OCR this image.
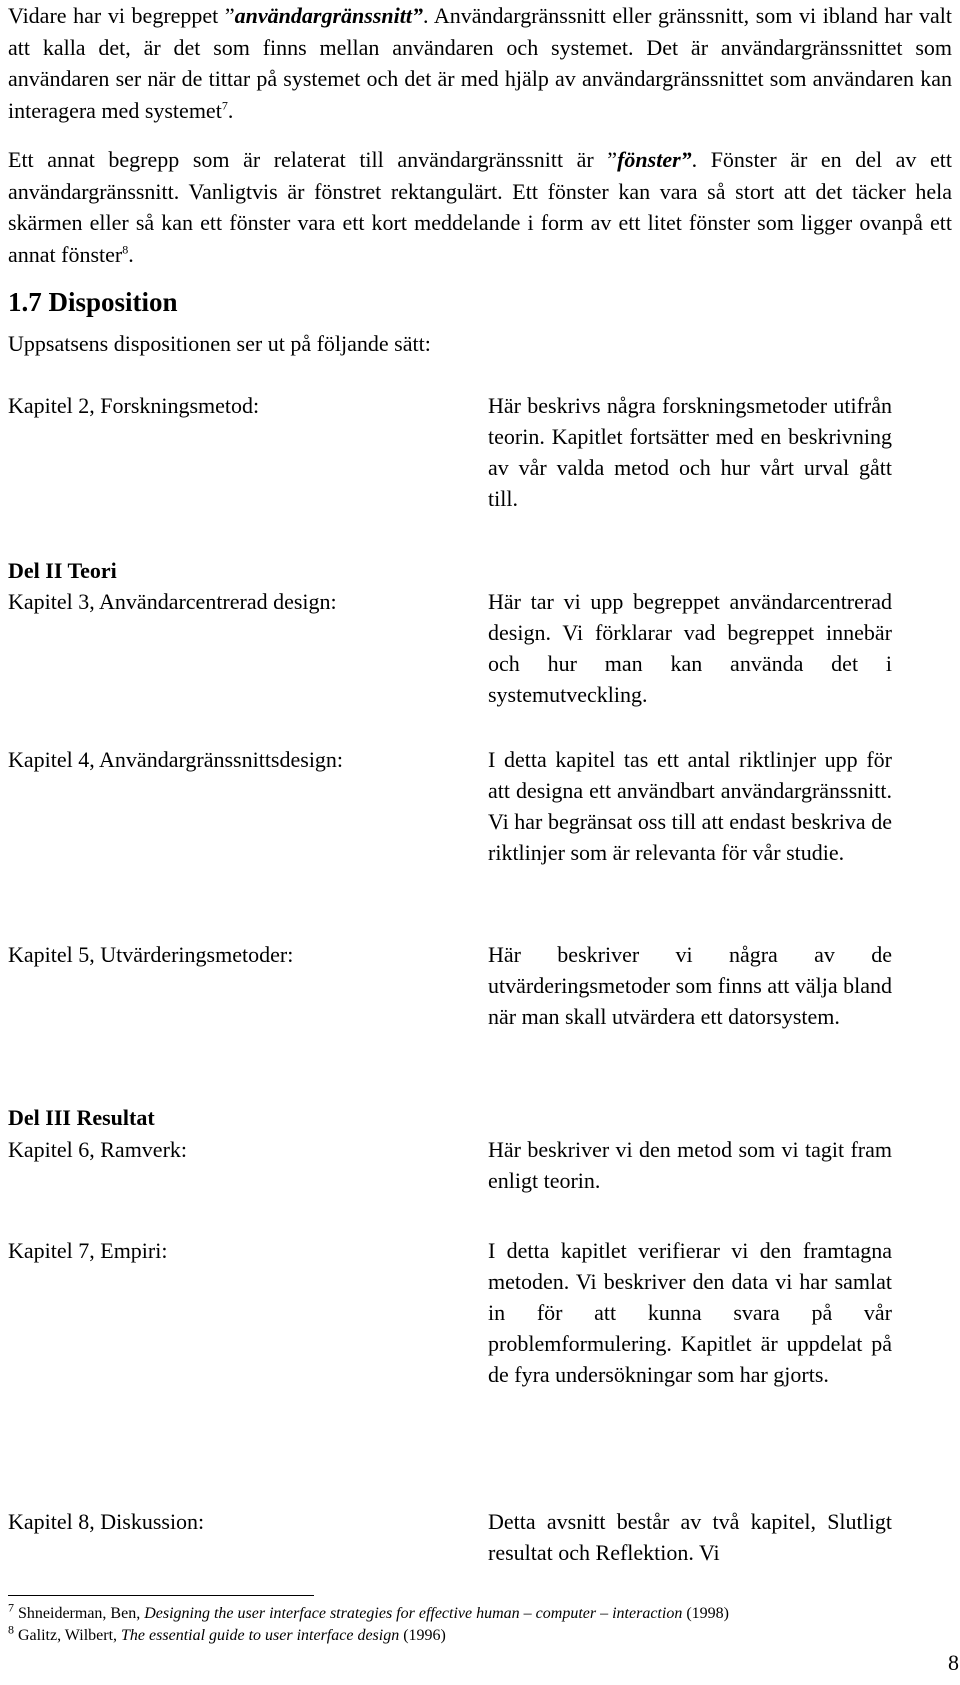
Vidare har vi begreppet ”användargränssnitt”. Användargränssnitt eller gränssnitt, som vi ibland har valt att kalla det, är det som finns mellan användaren och systemet. Det är användargränssnittet som användaren ser när de tittar på systemet och det är med hjälp av användargränssnittet som användaren kan interagera med systemet$^7$.

Ett annat begrepp som är relaterat till användargränssnitt är ”fönster”. Fönster är en del av ett användargränssnitt. Vanligtvis är fönstret rektangulärt. Ett fönster kan vara så stort att det täcker hela skärmen eller så kan ett fönster vara ett kort meddelande i form av ett litet fönster som ligger ovanpå ett annat fönster$^8$.

1.7 Disposition
Uppsatsens dispositionen ser ut på följande sätt:
Kapitel 2, Forskningsmetod:	Här beskrivs några forskningsmetoder utifrån teorin. Kapitlet fortsätter med en beskrivning av vår valda metod och hur vårt urval gått till.
Del II Teori
Kapitel 3, Användarcentrerad design:	Här tar vi upp begreppet användarcentrerad design. Vi förklarar vad begreppet innebär och hur man kan använda det i systemutveckling.
Kapitel 4, Användargränssnittsdesign:	I detta kapitel tas ett antal riktlinjer upp för att designa ett användbart användargränssnitt. Vi har begränsat oss till att endast beskriva de riktlinjer som är relevanta för vår studie.
Kapitel 5, Utvärderingsmetoder:	Här beskriver vi några av de utvärderingsmetoder som finns att välja bland när man skall utvärdera ett datorsystem.
Del III Resultat
Kapitel 6, Ramverk:	Här beskriver vi den metod som vi tagit fram enligt teorin.
Kapitel 7, Empiri:	I detta kapitlet verifierar vi den framtagna metoden. Vi beskriver den data vi har samlat in för att kunna svara på vår problemformulering. Kapitlet är uppdelat på de fyra undersökningar som har gjorts.
Kapitel 8, Diskussion:	Detta avsnitt består av två kapitel, Slutligt resultat och Reflektion. Vi
$^7$ Shneiderman, Ben, Designing the user interface strategies for effective human – computer – interaction (1998)
$^8$ Galitz, Wilbert, The essential guide to user interface design (1996)
8
